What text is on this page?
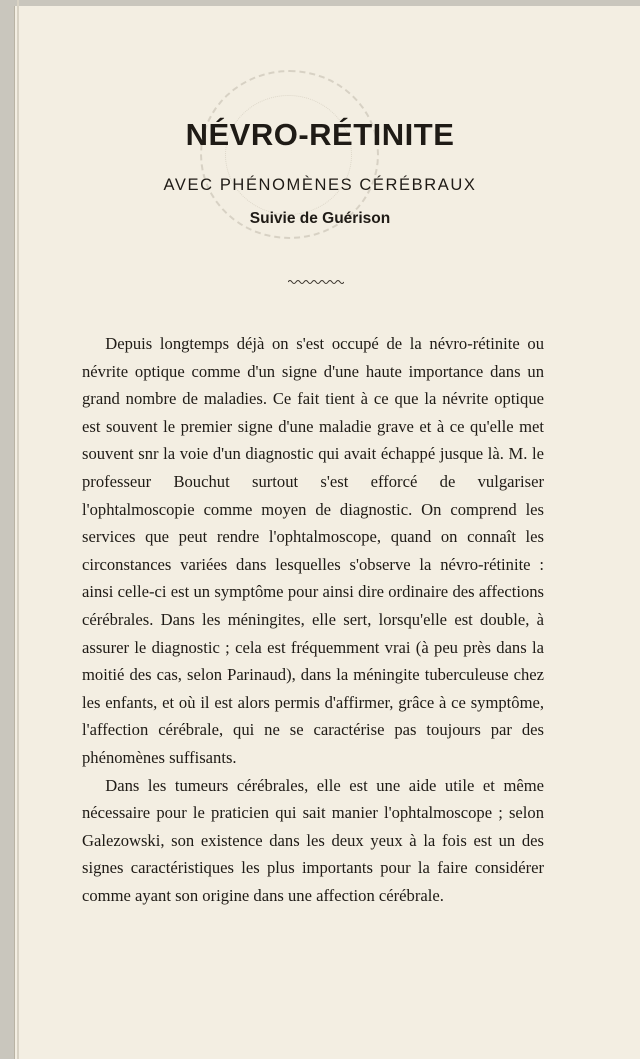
NÉVRO-RÉTINITE
AVEC PHÉNOMÈNES CÉRÉBRAUX
Suivie de Guérison

Depuis longtemps déjà on s'est occupé de la névro-rétinite ou névrite optique comme d'un signe d'une haute importance dans un grand nombre de maladies. Ce fait tient à ce que la névrite optique est souvent le premier signe d'une maladie grave et à ce qu'elle met souvent snr la voie d'un diagnostic qui avait échappé jusque là. M. le professeur Bouchut surtout s'est efforcé de vulgariser l'ophtalmoscopie comme moyen de diagnostic. On comprend les services que peut rendre l'ophtalmoscope, quand on connaît les circonstances variées dans lesquelles s'observe la névro-rétinite : ainsi celle-ci est un symptôme pour ainsi dire ordinaire des affections cérébrales. Dans les méningites, elle sert, lorsqu'elle est double, à assurer le diagnostic ; cela est fréquemment vrai (à peu près dans la moitié des cas, selon Parinaud), dans la méningite tuberculeuse chez les enfants, et où il est alors permis d'affirmer, grâce à ce symptôme, l'affection cérébrale, qui ne se caractérise pas toujours par des phénomènes suffisants.

Dans les tumeurs cérébrales, elle est une aide utile et même nécessaire pour le praticien qui sait manier l'ophtalmoscope ; selon Galezowski, son existence dans les deux yeux à la fois est un des signes caractéristiques les plus importants pour la faire considérer comme ayant son origine dans une affection cérébrale.
